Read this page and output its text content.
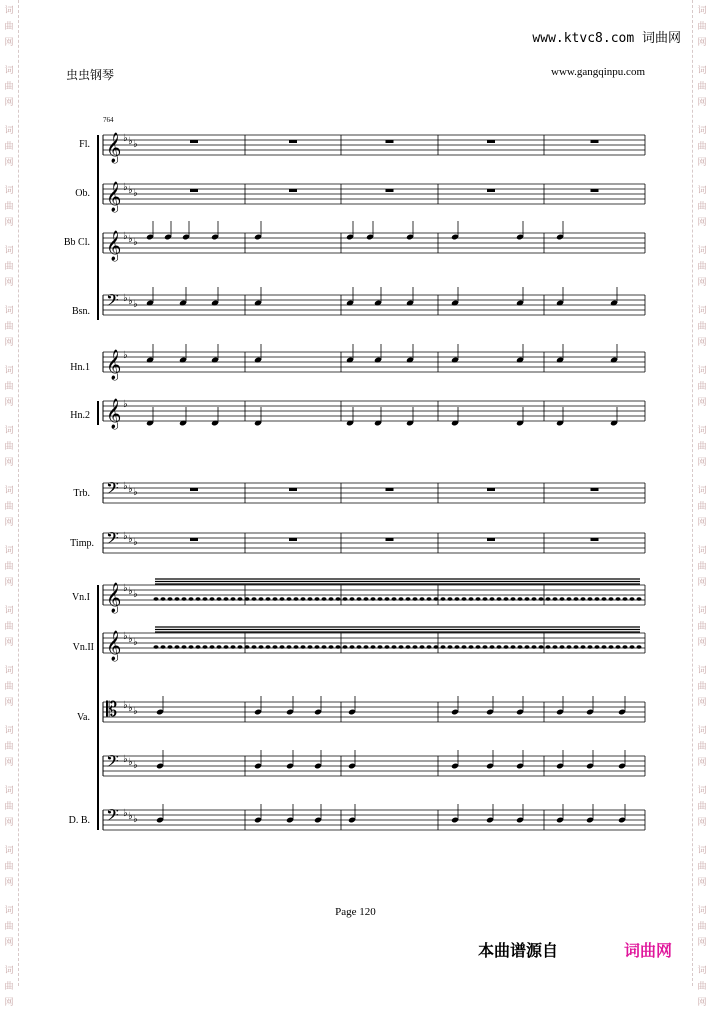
词
曲
网
词
曲
网
词
曲
网
词
曲
网
词
曲
网
词
曲
网
词
曲
网
词
曲
网
词
曲
网
词
曲
网
词
曲
网
词
曲
网
词
曲
网
词
曲
网
词
曲
网
词
曲
网
词
曲
网
词
曲
网
词
曲
网
词
曲
网
词
曲
网
词
曲
网
词
曲
网
词
曲
网
词
曲
网
词
曲
网
词
曲
网
词
曲
网
词
曲
网
词
曲
网
词
曲
网
词
曲
网
词
曲
网
词
曲
网
www.ktvc8.com 词曲网
虫虫钢琴	www.gangqinpu.com
764
Fl.
Ob.
Bb Cl.
Bsn.
Hn.1
Hn.2
Trb.
Timp.
Vn.I
Vn.II
Va.
D. B.
𝄞 ♭ ♭ ♭
𝄞 ♭ ♭ ♭
𝄞 ♭ ♭ ♭
𝄢 ♭ ♭ ♭
𝄞 ♭
𝄞 ♭
𝄢 ♭ ♭ ♭
𝄢 ♭ ♭ ♭
𝄞 ♭ ♭ ♭
𝄞 ♭ ♭ ♭
𝄡 ♭ ♭ ♭
𝄢 ♭ ♭ ♭
𝄢 ♭ ♭ ♭
Page 120
本曲谱源自	词曲网
